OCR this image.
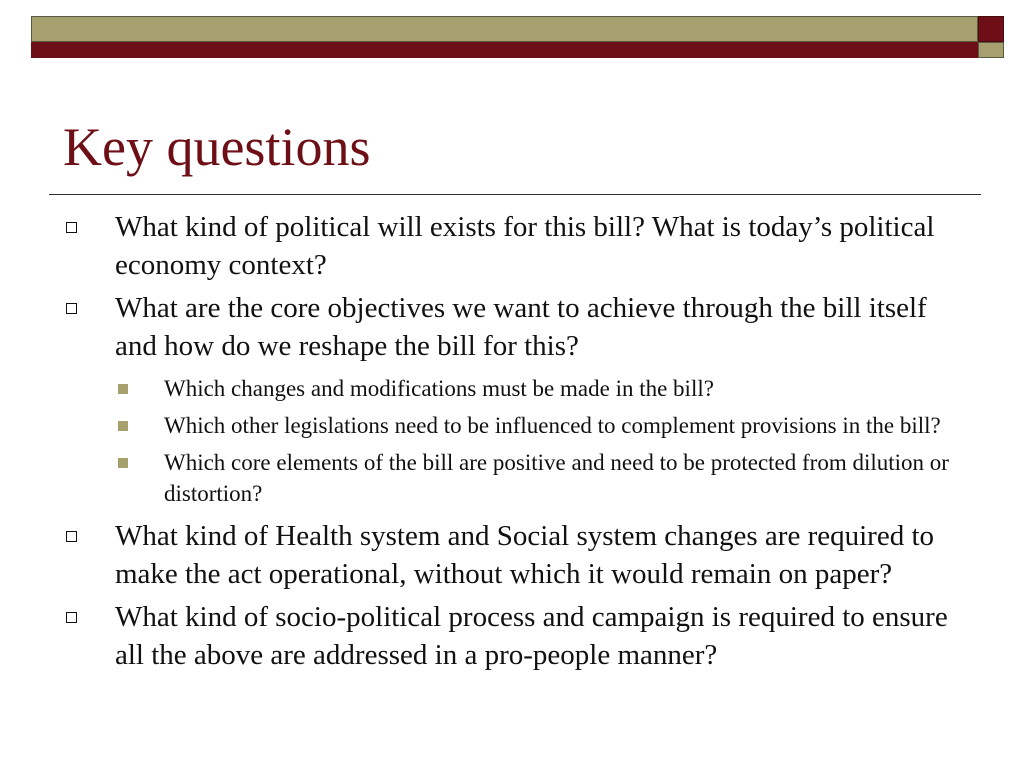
Key questions
What kind of political will exists for this bill? What is today’s political economy context?
What are the core objectives we want to achieve through the bill itself and how do we reshape the bill for this?
Which changes and modifications must be made in the bill?
Which other legislations need to be influenced to complement provisions in the bill?
Which core elements of the bill are positive and need to be protected from dilution or distortion?
What kind of Health system and Social system changes are required to make the act operational, without which it would remain on paper?
What kind of socio-political process and campaign is required to ensure all the above are addressed in a pro-people manner?
